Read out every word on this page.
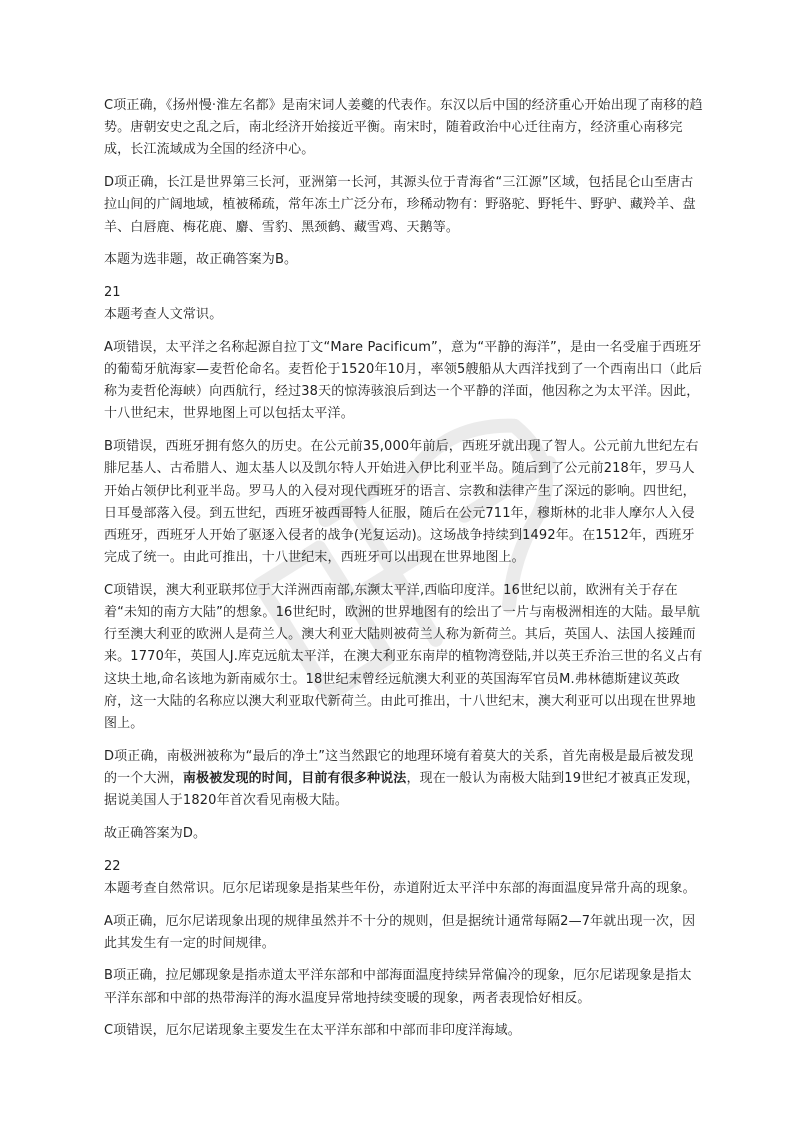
C项正确，《扬州慢·淮左名都》是南宋词人姜夔的代表作。东汉以后中国的经济重心开始出现了南移的趋势。唐朝安史之乱之后，南北经济开始接近平衡。南宋时，随着政治中心迁往南方，经济重心南移完成，长江流域成为全国的经济中心。

D项正确，长江是世界第三长河，亚洲第一长河，其源头位于青海省“三江源”区域，包括昆仑山至唐古拉山间的广阔地域，植被稀疏，常年冻土广泛分布，珍稀动物有：野骆驼、野牦牛、野驴、藏羚羊、盘羊、白唇鹿、梅花鹿、麝、雪豹、黑颈鹤、藏雪鸡、天鹅等。

本题为选非题，故正确答案为B。

21

本题考查人文常识。

A项错误，太平洋之名称起源自拉丁文“Mare Pacificum”，意为“平静的海洋”，是由一名受雇于西班牙的葡萄牙航海家—麦哲伦命名。麦哲伦于1520年10月，率领5艘船从大西洋找到了一个西南出口（此后称为麦哲伦海峡）向西航行，经过38天的惊涛骇浪后到达一个平静的洋面，他因称之为太平洋。因此，十八世纪末，世界地图上可以包括太平洋。

B项错误，西班牙拥有悠久的历史。在公元前35,000年前后，西班牙就出现了智人。公元前九世纪左右腓尼基人、古希腊人、迦太基人以及凯尔特人开始进入伊比利亚半岛。随后到了公元前218年，罗马人开始占领伊比利亚半岛。罗马人的入侵对现代西班牙的语言、宗教和法律产生了深远的影响。四世纪，日耳曼部落入侵。到五世纪，西班牙被西哥特人征服，随后在公元711年，穆斯林的北非人摩尔人入侵西班牙，西班牙人开始了驱逐入侵者的战争(光复运动)。这场战争持续到1492年。在1512年，西班牙完成了统一。由此可推出，十八世纪末，西班牙可以出现在世界地图上。

C项错误，澳大利亚联邦位于大洋洲西南部,东濒太平洋,西临印度洋。16世纪以前，欧洲有关于存在着“未知的南方大陆”的想象。16世纪时，欧洲的世界地图有的绘出了一片与南极洲相连的大陆。最早航行至澳大利亚的欧洲人是荷兰人。澳大利亚大陆则被荷兰人称为新荷兰。其后，英国人、法国人接踵而来。1770年，英国人J.库克远航太平洋，在澳大利亚东南岸的植物湾登陆,并以英王乔治三世的名义占有这块土地,命名该地为新南威尔士。18世纪末曾经远航澳大利亚的英国海军官员M.弗林德斯建议英政府，这一大陆的名称应以澳大利亚取代新荷兰。由此可推出，十八世纪末，澳大利亚可以出现在世界地图上。

D项正确，南极洲被称为“最后的净土”这当然跟它的地理环境有着莫大的关系，首先南极是最后被发现的一个大洲，南极被发现的时间，目前有很多种说法，现在一般认为南极大陆到19世纪才被真正发现，据说美国人于1820年首次看见南极大陆。

故正确答案为D。

22

本题考查自然常识。厄尔尼诺现象是指某些年份，赤道附近太平洋中东部的海面温度异常升高的现象。

A项正确，厄尔尼诺现象出现的规律虽然并不十分的规则，但是据统计通常每隔2—7年就出现一次，因此其发生有一定的时间规律。

B项正确，拉尼娜现象是指赤道太平洋东部和中部海面温度持续异常偏冷的现象，厄尔尼诺现象是指太平洋东部和中部的热带海洋的海水温度异常地持续变暖的现象，两者表现恰好相反。

C项错误，厄尔尼诺现象主要发生在太平洋东部和中部而非印度洋海域。
